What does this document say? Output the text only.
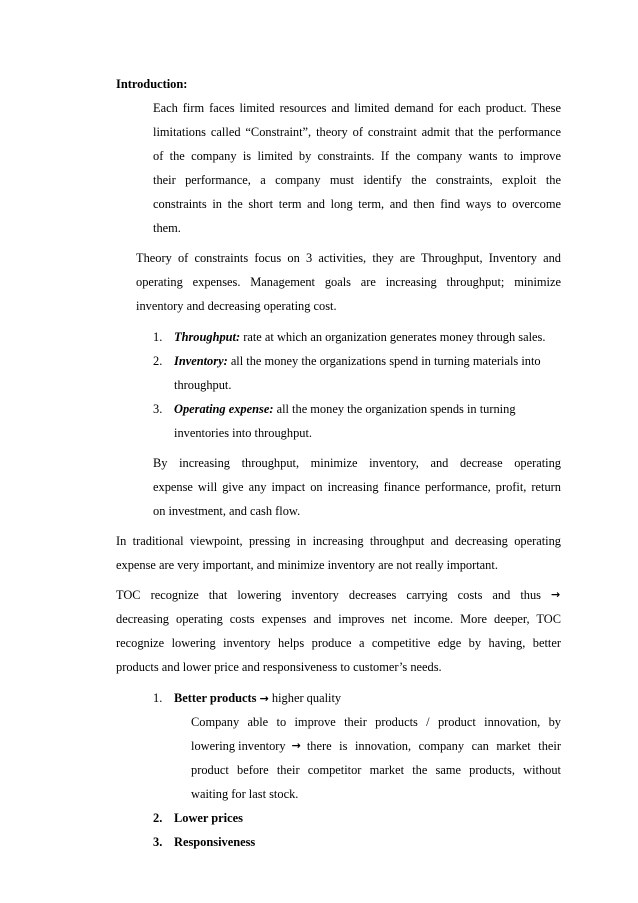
Introduction:
Each firm faces limited resources and limited demand for each product. These
limitations called “Constraint”, theory of constraint admit that the performance
of the company is limited by constraints. If the company wants to improve
their performance, a company must identify the constraints, exploit the
constraints in the short term and long term, and then find ways to overcome
them.
Theory of constraints focus on 3 activities, they are Throughput, Inventory and
operating expenses. Management goals are increasing throughput; minimize
inventory and decreasing operating cost.
1. Throughput: rate at which an organization generates money through sales.
2. Inventory: all the money the organizations spend in turning materials into
throughput.
3. Operating expense: all the money the organization spends in turning
inventories into throughput.
By increasing throughput, minimize inventory, and decrease operating
expense will give any impact on increasing finance performance, profit, return
on investment, and cash flow.
In traditional viewpoint, pressing in increasing throughput and decreasing operating
expense are very important, and minimize inventory are not really important.
TOC recognize that lowering inventory decreases carrying costs and thus →
decreasing operating costs expenses and improves net income. More deeper, TOC
recognize lowering inventory helps produce a competitive edge by having, better
products and lower price and responsiveness to customer’s needs.
1. Better products → higher quality
Company able to improve their products / product innovation, by
lowering inventory → there is innovation, company can market their
product before their competitor market the same products, without
waiting for last stock.
2. Lower prices
3. Responsiveness
